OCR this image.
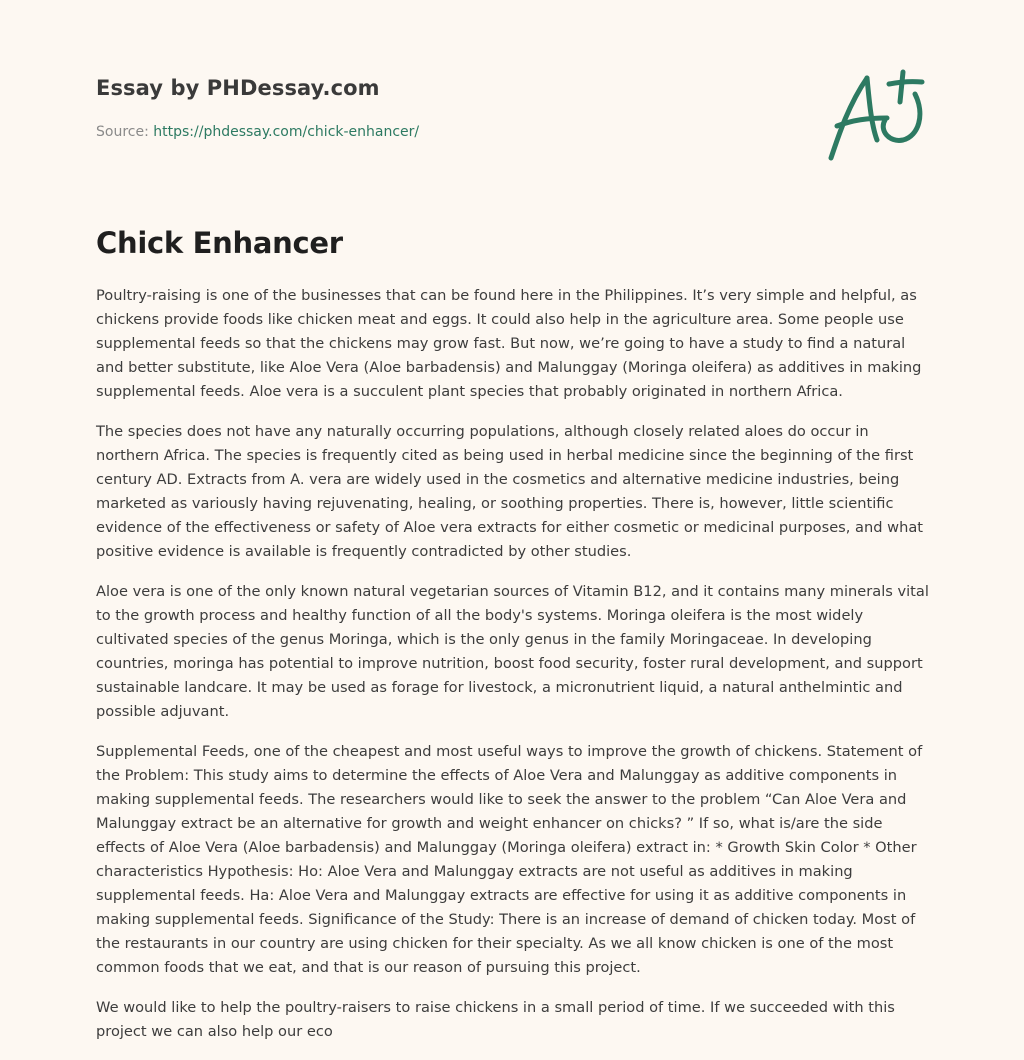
Essay by PHDessay.com
Source: https://phdessay.com/chick-enhancer/
Chick Enhancer

Poultry-raising is one of the businesses that can be found here in the Philippines. It’s very simple and helpful, as chickens provide foods like chicken meat and eggs. It could also help in the agriculture area. Some people use supplemental feeds so that the chickens may grow fast. But now, we’re going to have a study to find a natural and better substitute, like Aloe Vera (Aloe barbadensis) and Malunggay (Moringa oleifera) as additives in making supplemental feeds. Aloe vera is a succulent plant species that probably originated in northern Africa.

The species does not have any naturally occurring populations, although closely related aloes do occur in northern Africa. The species is frequently cited as being used in herbal medicine since the beginning of the first century AD. Extracts from A. vera are widely used in the cosmetics and alternative medicine industries, being marketed as variously having rejuvenating, healing, or soothing properties. There is, however, little scientific evidence of the effectiveness or safety of Aloe vera extracts for either cosmetic or medicinal purposes, and what positive evidence is available is frequently contradicted by other studies.

Aloe vera is one of the only known natural vegetarian sources of Vitamin B12, and it contains many minerals vital to the growth process and healthy function of all the body's systems. Moringa oleifera is the most widely cultivated species of the genus Moringa, which is the only genus in the family Moringaceae. In developing countries, moringa has potential to improve nutrition, boost food security, foster rural development, and support sustainable landcare. It may be used as forage for livestock, a micronutrient liquid, a natural anthelmintic and possible adjuvant.

Supplemental Feeds, one of the cheapest and most useful ways to improve the growth of chickens. Statement of the Problem: This study aims to determine the effects of Aloe Vera and Malunggay as additive components in making supplemental feeds. The researchers would like to seek the answer to the problem “Can Aloe Vera and Malunggay extract be an alternative for growth and weight enhancer on chicks? ” If so, what is/are the side effects of Aloe Vera (Aloe barbadensis) and Malunggay (Moringa oleifera) extract in: * Growth Skin Color * Other characteristics Hypothesis: Ho: Aloe Vera and Malunggay extracts are not useful as additives in making supplemental feeds. Ha: Aloe Vera and Malunggay extracts are effective for using it as additive components in making supplemental feeds. Significance of the Study: There is an increase of demand of chicken today. Most of the restaurants in our country are using chicken for their specialty. As we all know chicken is one of the most common foods that we eat, and that is our reason of pursuing this project.

We would like to help the poultry-raisers to raise chickens in a small period of time. If we succeeded with this project we can also help our eco
